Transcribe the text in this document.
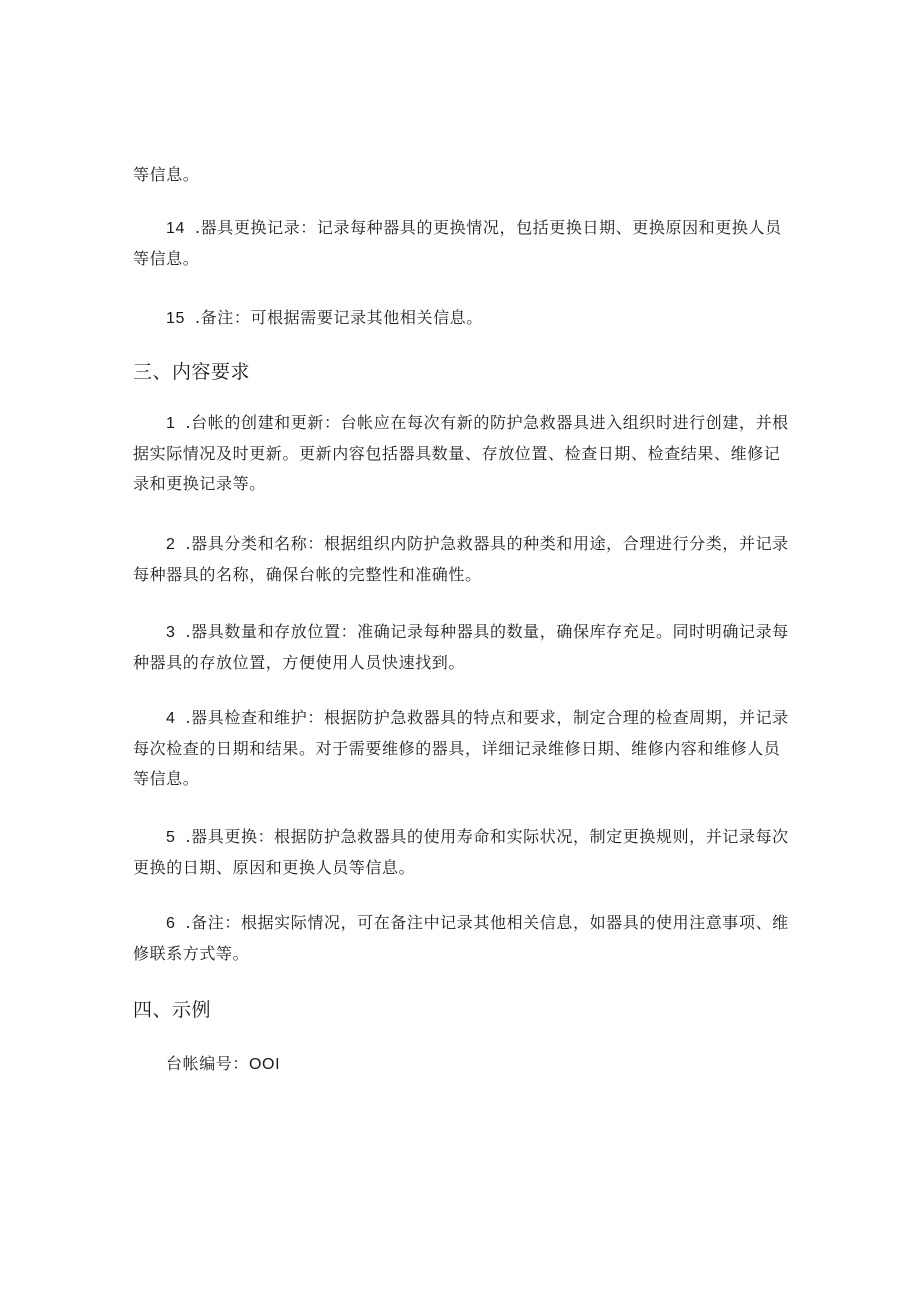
等信息。

14 .器具更换记录：记录每种器具的更换情况，包括更换日期、更换原因和更换人员等信息。

15 .备注：可根据需要记录其他相关信息。

三、内容要求

1 .台帐的创建和更新：台帐应在每次有新的防护急救器具进入组织时进行创建，并根据实际情况及时更新。更新内容包括器具数量、存放位置、检查日期、检查结果、维修记录和更换记录等。

2 .器具分类和名称：根据组织内防护急救器具的种类和用途，合理进行分类，并记录每种器具的名称，确保台帐的完整性和准确性。

3 .器具数量和存放位置：准确记录每种器具的数量，确保库存充足。同时明确记录每种器具的存放位置，方便使用人员快速找到。

4 .器具检查和维护：根据防护急救器具的特点和要求，制定合理的检查周期，并记录每次检查的日期和结果。对于需要维修的器具，详细记录维修日期、维修内容和维修人员等信息。

5 .器具更换：根据防护急救器具的使用寿命和实际状况，制定更换规则，并记录每次更换的日期、原因和更换人员等信息。

6 .备注：根据实际情况，可在备注中记录其他相关信息，如器具的使用注意事项、维修联系方式等。

四、示例

台帐编号：OOI
